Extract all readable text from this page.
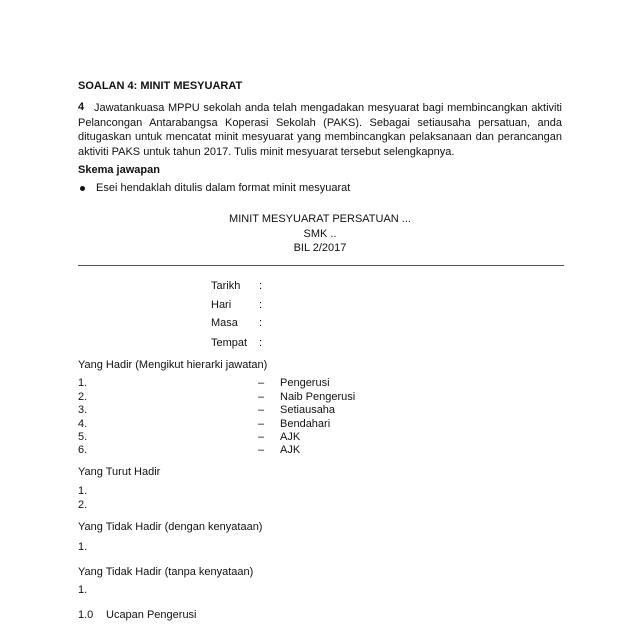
SOALAN 4: MINIT MESYUARAT
4 Jawatankuasa MPPU sekolah anda telah mengadakan mesyuarat bagi membincangkan aktiviti Pelancongan Antarabangsa Koperasi Sekolah (PAKS). Sebagai setiausaha persatuan, anda ditugaskan untuk mencatat minit mesyuarat yang membincangkan pelaksanaan dan perancangan aktiviti PAKS untuk tahun 2017. Tulis minit mesyuarat tersebut selengkapnya.
Skema jawapan
Esei hendaklah ditulis dalam format minit mesyuarat
MINIT MESYUARAT PERSATUAN ...
SMK ..
BIL 2/2017
Tarikh :
Hari	:
Masa :
Tempat :
Yang Hadir (Mengikut hierarki jawatan)
1.	– Pengerusi
2.	– Naib Pengerusi
3.	– Setiausaha
4.	– Bendahari
5.	– AJK
6.	– AJK
Yang Turut Hadir
1.
2.
Yang Tidak Hadir (dengan kenyataan)
1.
Yang Tidak Hadir (tanpa kenyataan)
1.
1.0 Ucapan Pengerusi
